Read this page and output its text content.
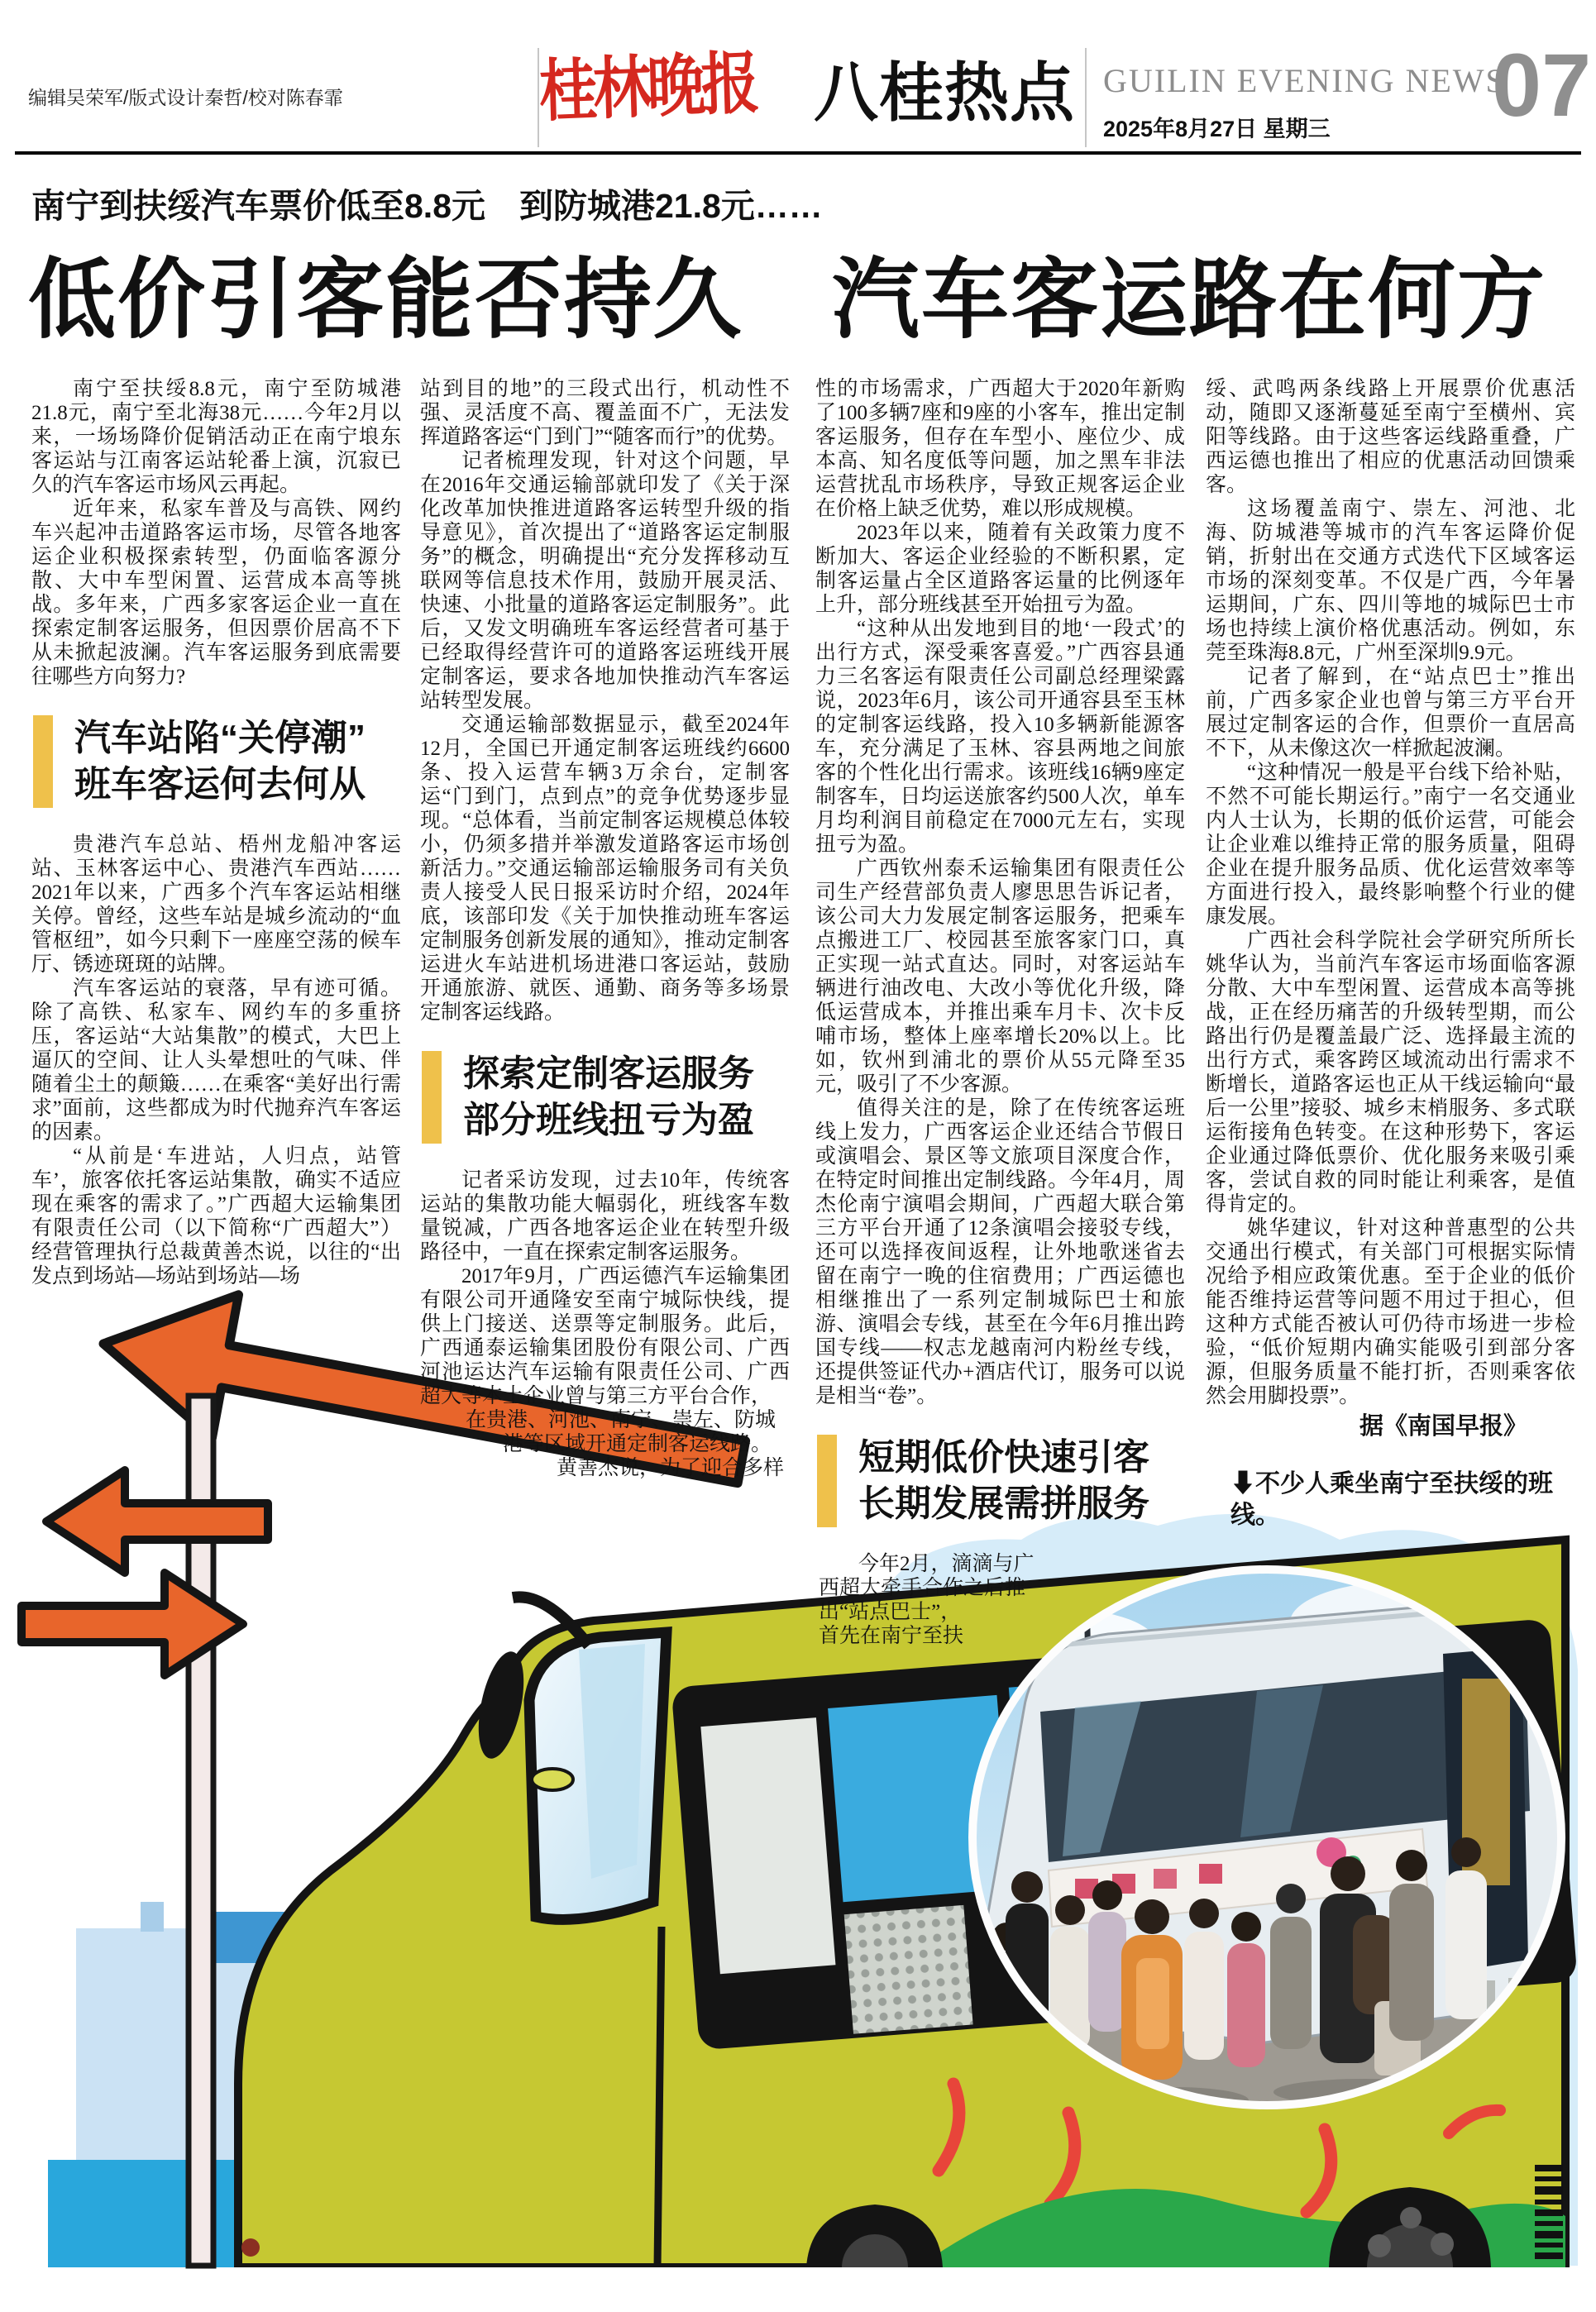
编辑吴荣军/版式设计秦哲/校对陈春霏	桂林晚报 八桂热点 GUILIN EVENING NEWS
2025年8月27日 星期三 07
南宁到扶绥汽车票价低至8.8元　到防城港21.8元……
低价引客能否持久　汽车客运路在何方

南宁至扶绥8.8元，南宁至防城港21.8元，南宁至北海38元……今年2月以来，一场场降价促销活动正在南宁埌东客运站与江南客运站轮番上演，沉寂已久的汽车客运市场风云再起。

近年来，私家车普及与高铁、网约车兴起冲击道路客运市场，尽管各地客运企业积极探索转型，仍面临客源分散、大中车型闲置、运营成本高等挑战。多年来，广西多家客运企业一直在探索定制客运服务，但因票价居高不下从未掀起波澜。汽车客运服务到底需要往哪些方向努力?

汽车站陷“关停潮”
班车客运何去何从

贵港汽车总站、梧州龙船冲客运站、玉林客运中心、贵港汽车西站……2021年以来，广西多个汽车客运站相继关停。曾经，这些车站是城乡流动的“血管枢纽”，如今只剩下一座座空荡的候车厅、锈迹斑斑的站牌。

汽车客运站的衰落，早有迹可循。除了高铁、私家车、网约车的多重挤压，客运站“大站集散”的模式，大巴上逼仄的空间、让人头晕想吐的气味、伴随着尘土的颠簸……在乘客“美好出行需求”面前，这些都成为时代抛弃汽车客运的因素。

“从前是‘车进站，人归点，站管车’，旅客依托客运站集散，确实不适应现在乘客的需求了。”广西超大运输集团有限责任公司（以下简称“广西超大”）经营管理执行总裁黄善杰说，以往的“出发点到场站—场站到场站—场

站到目的地”的三段式出行，机动性不强、灵活度不高、覆盖面不广，无法发挥道路客运“门到门”“随客而行”的优势。

记者梳理发现，针对这个问题，早在2016年交通运输部就印发了《关于深化改革加快推进道路客运转型升级的指导意见》，首次提出了“道路客运定制服务”的概念，明确提出“充分发挥移动互联网等信息技术作用，鼓励开展灵活、快速、小批量的道路客运定制服务”。此后，又发文明确班车客运经营者可基于已经取得经营许可的道路客运班线开展定制客运，要求各地加快推动汽车客运站转型发展。

交通运输部数据显示，截至2024年12月，全国已开通定制客运班线约6600条、投入运营车辆3万余台，定制客运“门到门，点到点”的竞争优势逐步显现。“总体看，当前定制客运规模总体较小，仍须多措并举激发道路客运市场创新活力。”交通运输部运输服务司有关负责人接受人民日报采访时介绍，2024年底，该部印发《关于加快推动班车客运定制服务创新发展的通知》，推动定制客运进火车站进机场进港口客运站，鼓励开通旅游、就医、通勤、商务等多场景定制客运线路。

探索定制客运服务
部分班线扭亏为盈

记者采访发现，过去10年，传统客运站的集散功能大幅弱化，班线客车数量锐减，广西各地客运企业在转型升级路径中，一直在探索定制客运服务。

2017年9月，广西运德汽车运输集团有限公司开通隆安至南宁城际快线，提供上门接送、送票等定制服务。此后，广西通泰运输集团股份有限公司、广西河池运达汽车运输有限责任公司、广西超大等本土企业曾与第三方平台合作，

在贵港、河池、南宁、崇左、防城
港等区域开通定制客运线路。
黄善杰说，为了迎合多样

性的市场需求，广西超大于2020年新购了100多辆7座和9座的小客车，推出定制客运服务，但存在车型小、座位少、成本高、知名度低等问题，加之黑车非法运营扰乱市场秩序，导致正规客运企业在价格上缺乏优势，难以形成规模。

2023年以来，随着有关政策力度不断加大、客运企业经验的不断积累，定制客运量占全区道路客运量的比例逐年上升，部分班线甚至开始扭亏为盈。

“这种从出发地到目的地‘一段式’的出行方式，深受乘客喜爱。”广西容县通力三名客运有限责任公司副总经理梁露说，2023年6月，该公司开通容县至玉林的定制客运线路，投入10多辆新能源客车，充分满足了玉林、容县两地之间旅客的个性化出行需求。该班线16辆9座定制客车，日均运送旅客约500人次，单车月均利润目前稳定在7000元左右，实现扭亏为盈。

广西钦州泰禾运输集团有限责任公司生产经营部负责人廖思思告诉记者，该公司大力发展定制客运服务，把乘车点搬进工厂、校园甚至旅客家门口，真正实现一站式直达。同时，对客运站车辆进行油改电、大改小等优化升级，降低运营成本，并推出乘车月卡、次卡反哺市场，整体上座率增长20%以上。比如，钦州到浦北的票价从55元降至35元，吸引了不少客源。

值得关注的是，除了在传统客运班线上发力，广西客运企业还结合节假日或演唱会、景区等文旅项目深度合作，在特定时间推出定制线路。今年4月，周杰伦南宁演唱会期间，广西超大联合第三方平台开通了12条演唱会接驳专线，还可以选择夜间返程，让外地歌迷省去留在南宁一晚的住宿费用；广西运德也相继推出了一系列定制城际巴士和旅游、演唱会专线，甚至在今年6月推出跨国专线——权志龙越南河内粉丝专线，还提供签证代办+酒店代订，服务可以说是相当“卷”。

短期低价快速引客
长期发展需拼服务
今年2月，滴滴与广
西超大牵手合作之后推
出“站点巴士”，
首先在南宁至扶

绥、武鸣两条线路上开展票价优惠活动，随即又逐渐蔓延至南宁至横州、宾阳等线路。由于这些客运线路重叠，广西运德也推出了相应的优惠活动回馈乘客。

这场覆盖南宁、崇左、河池、北海、防城港等城市的汽车客运降价促销，折射出在交通方式迭代下区域客运市场的深刻变革。不仅是广西，今年暑运期间，广东、四川等地的城际巴士市场也持续上演价格优惠活动。例如，东莞至珠海8.8元，广州至深圳9.9元。

记者了解到，在“站点巴士”推出前，广西多家企业也曾与第三方平台开展过定制客运的合作，但票价一直居高不下，从未像这次一样掀起波澜。

“这种情况一般是平台线下给补贴，不然不可能长期运行。”南宁一名交通业内人士认为，长期的低价运营，可能会让企业难以维持正常的服务质量，阻碍企业在提升服务品质、优化运营效率等方面进行投入，最终影响整个行业的健康发展。

广西社会科学院社会学研究所所长姚华认为，当前汽车客运市场面临客源分散、大中车型闲置、运营成本高等挑战，正在经历痛苦的升级转型期，而公路出行仍是覆盖最广泛、选择最主流的出行方式，乘客跨区域流动出行需求不断增长，道路客运也正从干线运输向“最后一公里”接驳、城乡末梢服务、多式联运衔接角色转变。在这种形势下，客运企业通过降低票价、优化服务来吸引乘客，尝试自救的同时能让利乘客，是值得肯定的。

姚华建议，针对这种普惠型的公共交通出行模式，有关部门可根据实际情况给予相应政策优惠。至于企业的低价能否维持运营等问题不用过于担心，但这种方式能否被认可仍待市场进一步检验，“低价短期内确实能吸引到部分客源，但服务质量不能打折，否则乘客依然会用脚投票”。

据《南国早报》
⬇不少人乘坐南宁至扶绥的班线。
